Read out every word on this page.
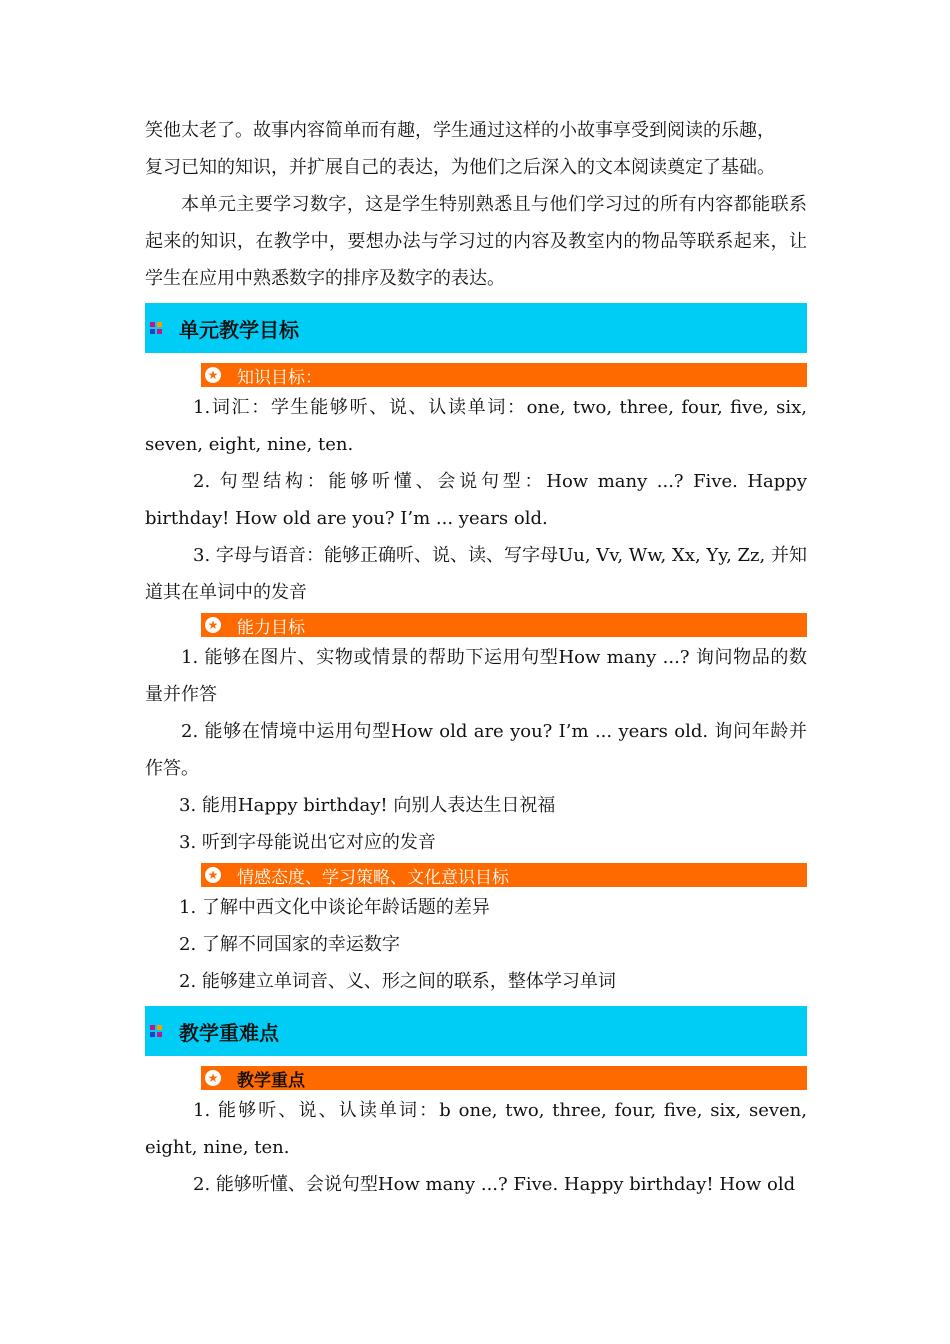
笑他太老了。故事内容简单而有趣，学生通过这样的小故事享受到阅读的乐趣，

复习已知的知识，并扩展自己的表达，为他们之后深入的文本阅读奠定了基础。

本单元主要学习数字，这是学生特别熟悉且与他们学习过的所有内容都能联系起来的知识，在教学中，要想办法与学习过的内容及教室内的物品等联系起来，让学生在应用中熟悉数字的排序及数字的表达。

单元教学目标
★ 知识目标：

1.词汇：学生能够听、说、认读单词：one, two, three, four, five, six, seven, eight, nine, ten.

2. 句型结构：能够听懂、会说句型：How many ...? Five. Happy birthday! How old are you? I’m ... years old.

3. 字母与语音：能够正确听、说、读、写字母Uu, Vv, Ww, Xx, Yy, Zz, 并知道其在单词中的发音

★ 能力目标

1. 能够在图片、实物或情景的帮助下运用句型How many ...? 询问物品的数量并作答

2. 能够在情境中运用句型How old are you? I’m ... years old. 询问年龄并作答。

3. 能用Happy birthday! 向别人表达生日祝福

3. 听到字母能说出它对应的发音

★ 情感态度、学习策略、文化意识目标

1. 了解中西文化中谈论年龄话题的差异

2. 了解不同国家的幸运数字

2. 能够建立单词音、义、形之间的联系，整体学习单词

教学重难点
★ 教学重点

1. 能够听、说、认读单词：b one, two, three, four, five, six, seven, eight, nine, ten.

2. 能够听懂、会说句型How many ...? Five. Happy birthday! How old
